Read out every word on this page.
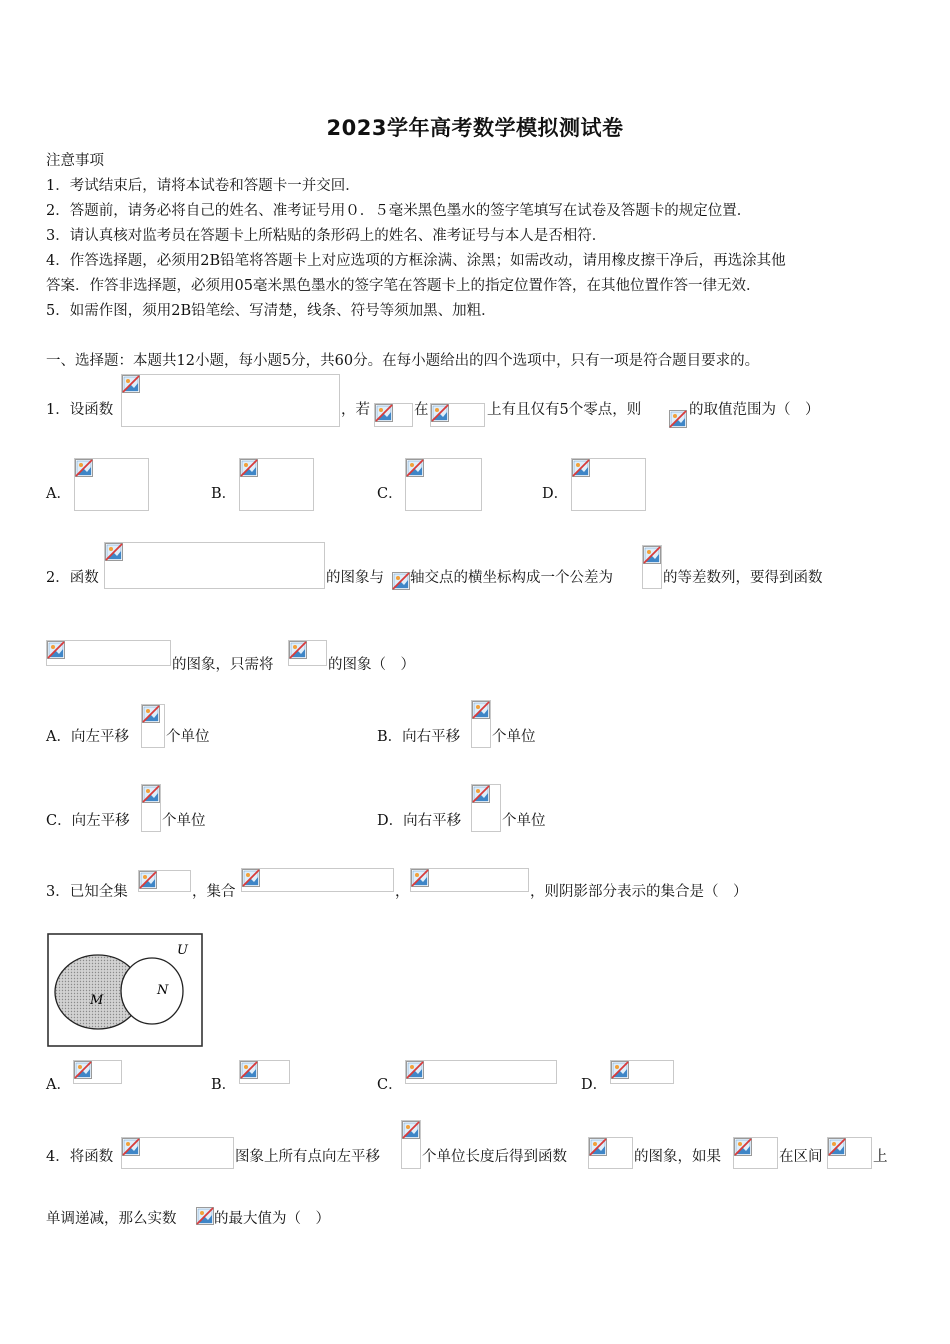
2023学年高考数学模拟测试卷
注意事项
1．考试结束后，请将本试卷和答题卡一并交回．
2．答题前，请务必将自己的姓名、准考证号用０．５毫米黑色墨水的签字笔填写在试卷及答题卡的规定位置．
3．请认真核对监考员在答题卡上所粘贴的条形码上的姓名、准考证号与本人是否相符．
4．作答选择题，必须用2B铅笔将答题卡上对应选项的方框涂满、涂黑；如需改动，请用橡皮擦干净后，再选涂其他
答案．作答非选择题，必须用05毫米黑色墨水的签字笔在答题卡上的指定位置作答，在其他位置作答一律无效．
5．如需作图，须用2B铅笔绘、写清楚，线条、符号等须加黑、加粗．
一、选择题：本题共12小题，每小题5分，共60分。在每小题给出的四个选项中，只有一项是符合题目要求的。
1．设函数	，若	在	上有且仅有5个零点，则	的取值范围为（　）
A．	B．	C．	D．
2．函数	的图象与 轴交点的横坐标构成一个公差为	的等差数列，要得到函数
的图象，只需将	的图象（　）
A．向左平移	个单位	B．向右平移 个单位
C．向左平移 个单位	D．向右平移	个单位
3．已知全集	，集合	，	，则阴影部分表示的集合是（　）
U
M
N
A．	B．	C．	D．
4．将函数	图象上所有点向左平移	个单位长度后得到函数	的图象，如果	在区间	上
单调递减，那么实数	的最大值为（　）
